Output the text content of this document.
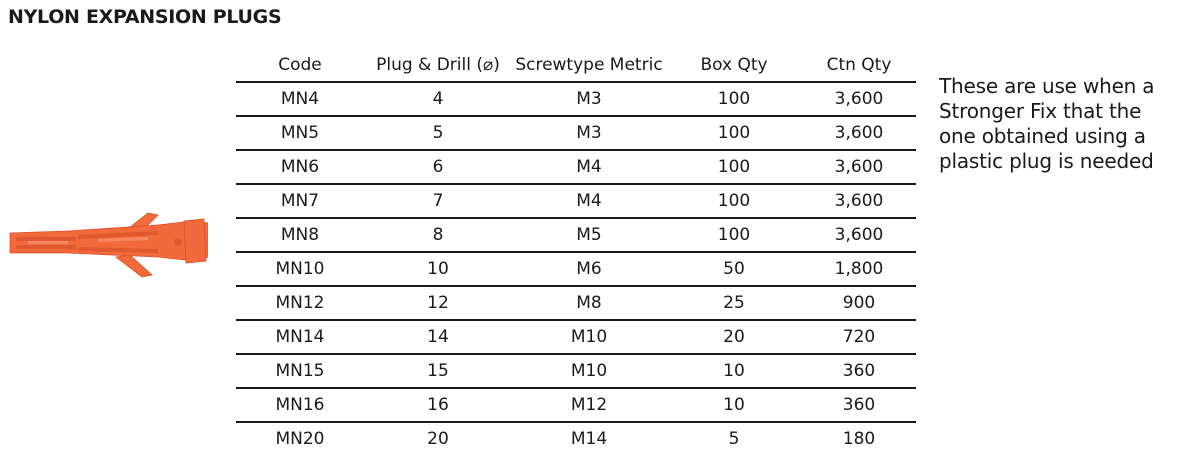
NYLON EXPANSION PLUGS
Code	Plug & Drill (⌀)	Screwtype Metric	Box Qty	Ctn Qty
MN4	4	M3	100	3,600
MN5	5	M3	100	3,600
MN6	6	M4	100	3,600
MN7	7	M4	100	3,600
MN8	8	M5	100	3,600
MN10	10	M6	50	1,800
MN12	12	M8	25	900
MN14	14	M10	20	720
MN15	15	M10	10	360
MN16	16	M12	10	360
MN20	20	M14	5	180
These are use when a
Stronger Fix that the
one obtained using a
plastic plug is needed
